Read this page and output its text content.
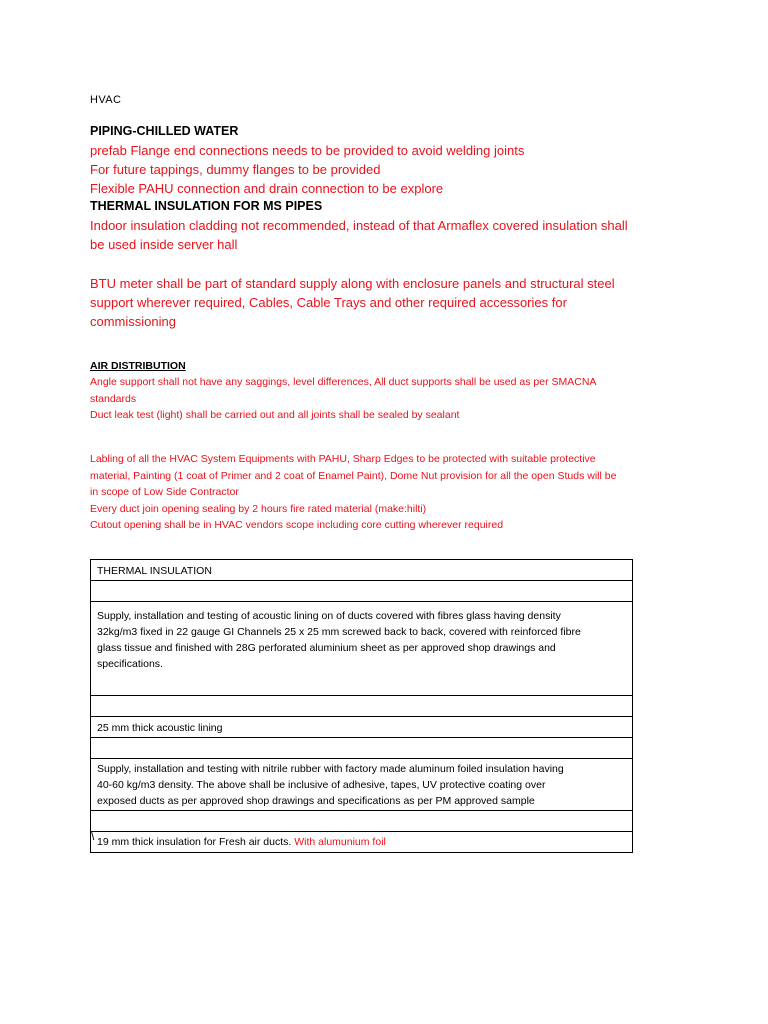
HVAC
PIPING-CHILLED WATER
prefab Flange end connections needs to be provided to avoid welding joints
For future tappings, dummy flanges to be provided
Flexible PAHU connection and drain connection to be explore
THERMAL INSULATION FOR MS PIPES
Indoor insulation cladding not recommended, instead of that Armaflex covered insulation shall
be used inside server hall
BTU meter shall be part of standard supply along with enclosure panels and structural steel
support wherever required, Cables, Cable Trays and other required accessories for
commissioning
AIR DISTRIBUTION
Angle support shall not have any saggings, level differences, All duct supports shall be used as per SMACNA
standards
Duct leak test (light) shall be carried out and all joints shall be sealed by sealant
Labling of all the HVAC System Equipments with PAHU, Sharp Edges to be protected with suitable protective
material, Painting (1 coat of Primer and 2 coat of Enamel Paint), Dome Nut provision for all the open Studs will be
in scope of Low Side Contractor
Every duct join opening sealing by 2 hours fire rated material (make:hilti)
Cutout opening shall be in HVAC vendors scope including core cutting wherever required
THERMAL INSULATION

Supply, installation and testing of acoustic lining on of ducts covered with fibres glass having density
32kg/m3 fixed in 22 gauge GI Channels 25 x 25 mm screwed back to back, covered with reinforced fibre
glass tissue and finished with 28G perforated aluminium sheet as per approved shop drawings and
specifications.

25 mm thick acoustic lining

Supply, installation and testing with nitrile rubber with factory made aluminum foiled insulation having
40-60 kg/m3 density. The above shall be inclusive of adhesive, tapes, UV protective coating over
exposed ducts as per approved shop drawings and specifications as per PM approved sample

19 mm thick insulation for Fresh air ducts. With alumunium foil
\
